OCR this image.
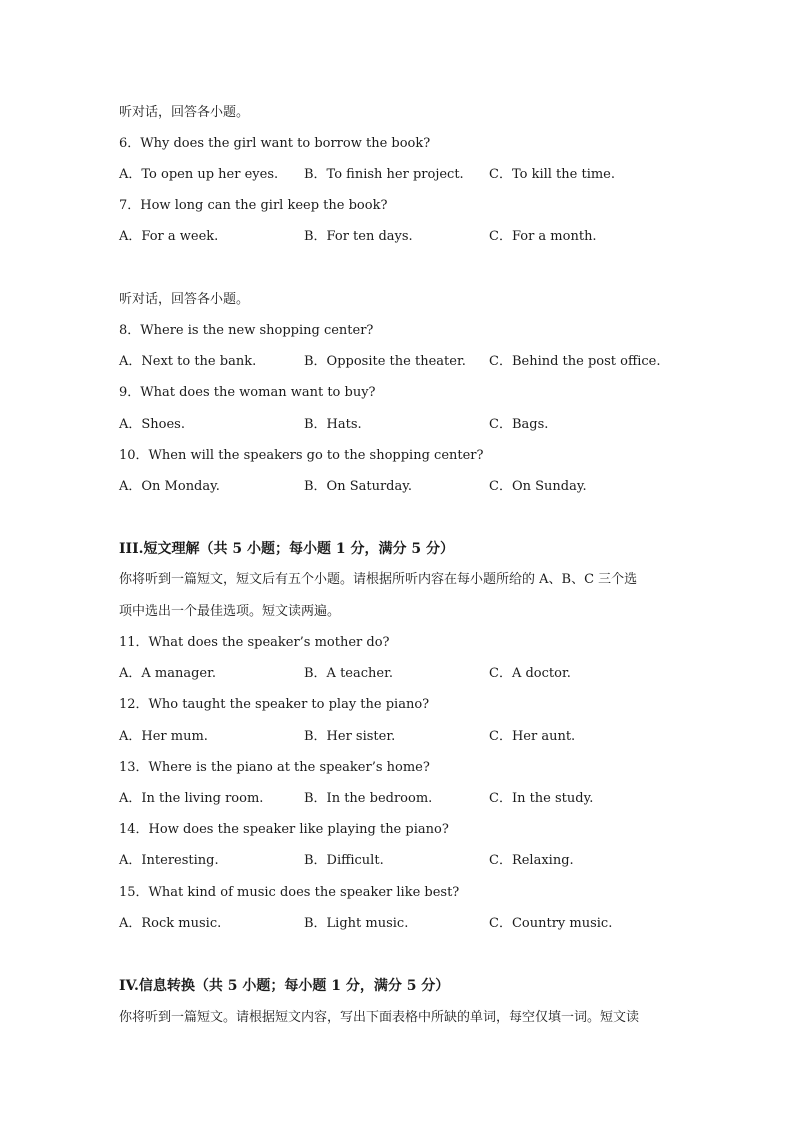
听对话，回答各小题。
6．Why does the girl want to borrow the book?
A．To open up her eyes. B．To finish her project. C．To kill the time.
7．How long can the girl keep the book?
A．For a week.	B．For ten days.	C．For a month.
听对话，回答各小题。
8．Where is the new shopping center?
A．Next to the bank.	B．Opposite the theater. C．Behind the post office.
9．What does the woman want to buy?
A．Shoes.	B．Hats.	C．Bags.
10．When will the speakers go to the shopping center?
A．On Monday.	B．On Saturday.	C．On Sunday.
III.短文理解（共 5 小题；每小题 1 分，满分 5 分）
你将听到一篇短文，短文后有五个小题。请根据所听内容在每小题所给的 A、B、C 三个选
项中选出一个最佳选项。短文读两遍。
11．What does the speaker’s mother do?
A．A manager.	B．A teacher.	C．A doctor.
12．Who taught the speaker to play the piano?
A．Her mum.	B．Her sister.	C．Her aunt.
13．Where is the piano at the speaker’s home?
A．In the living room.	B．In the bedroom.	C．In the study.
14．How does the speaker like playing the piano?
A．Interesting.	B．Difficult.	C．Relaxing.
15．What kind of music does the speaker like best?
A．Rock music.	B．Light music.	C．Country music.
IV.信息转换（共 5 小题；每小题 1 分，满分 5 分）
你将听到一篇短文。请根据短文内容，写出下面表格中所缺的单词，每空仅填一词。短文读
